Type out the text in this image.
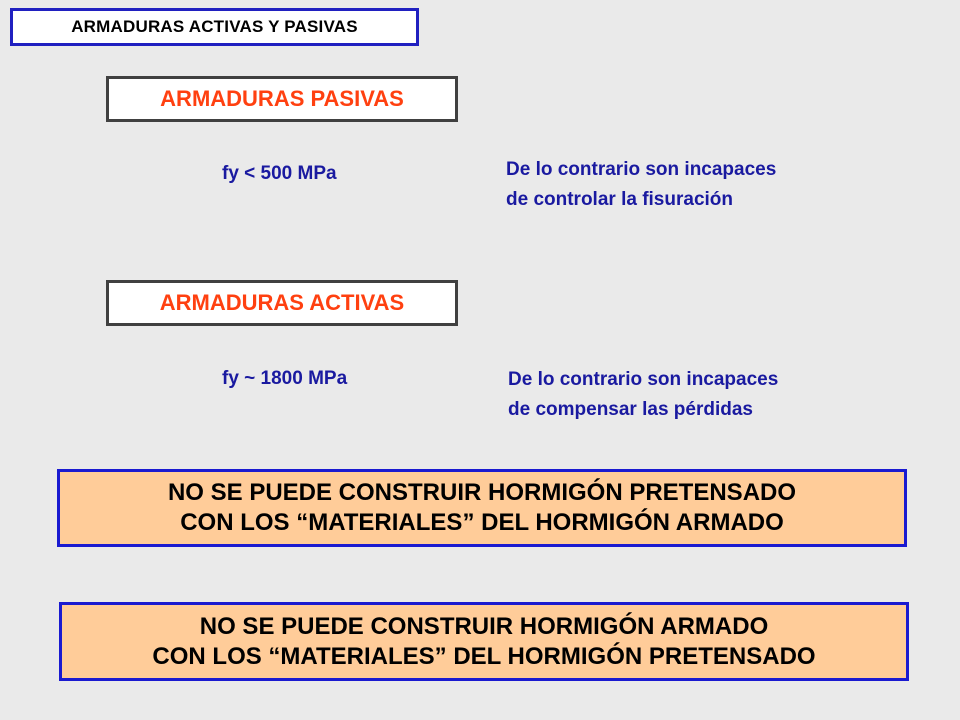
ARMADURAS ACTIVAS Y PASIVAS
ARMADURAS PASIVAS
fy < 500 MPa	De lo contrario son incapaces
de controlar la fisuración
ARMADURAS ACTIVAS
fy ~ 1800 MPa	De lo contrario son incapaces
de compensar las pérdidas
NO SE PUEDE CONSTRUIR HORMIGÓN PRETENSADO
CON LOS “MATERIALES” DEL HORMIGÓN ARMADO
NO SE PUEDE CONSTRUIR HORMIGÓN ARMADO
CON LOS “MATERIALES” DEL HORMIGÓN PRETENSADO
